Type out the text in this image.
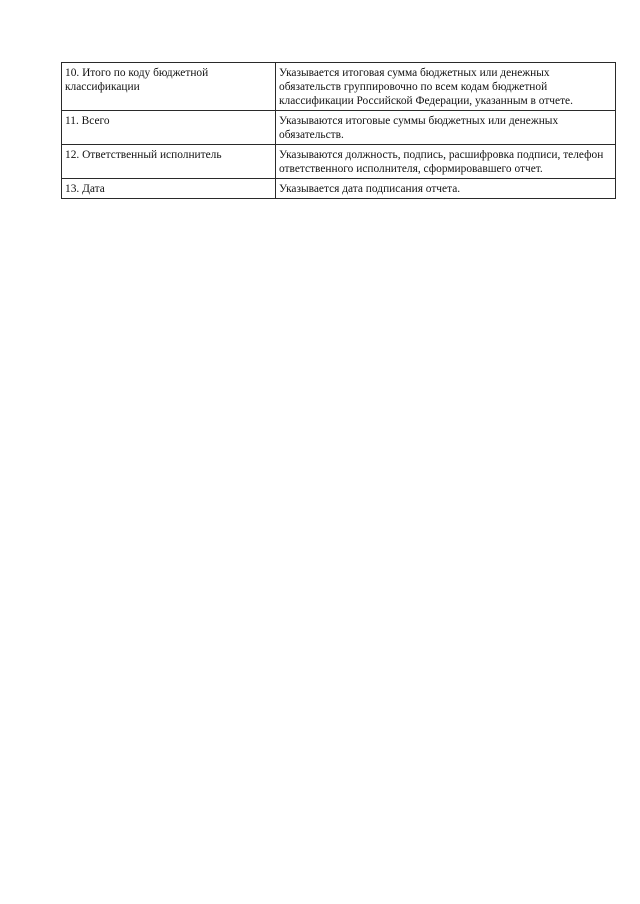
10. Итого по коду бюджетной классификации	Указывается итоговая сумма бюджетных или денежных обязательств группировочно по всем кодам бюджетной классификации Российской Федерации, указанным в отчете.
11. Всего	Указываются итоговые суммы бюджетных или денежных обязательств.
12. Ответственный исполнитель	Указываются должность, подпись, расшифровка подписи, телефон ответственного исполнителя, сформировавшего отчет.
13. Дата	Указывается дата подписания отчета.
